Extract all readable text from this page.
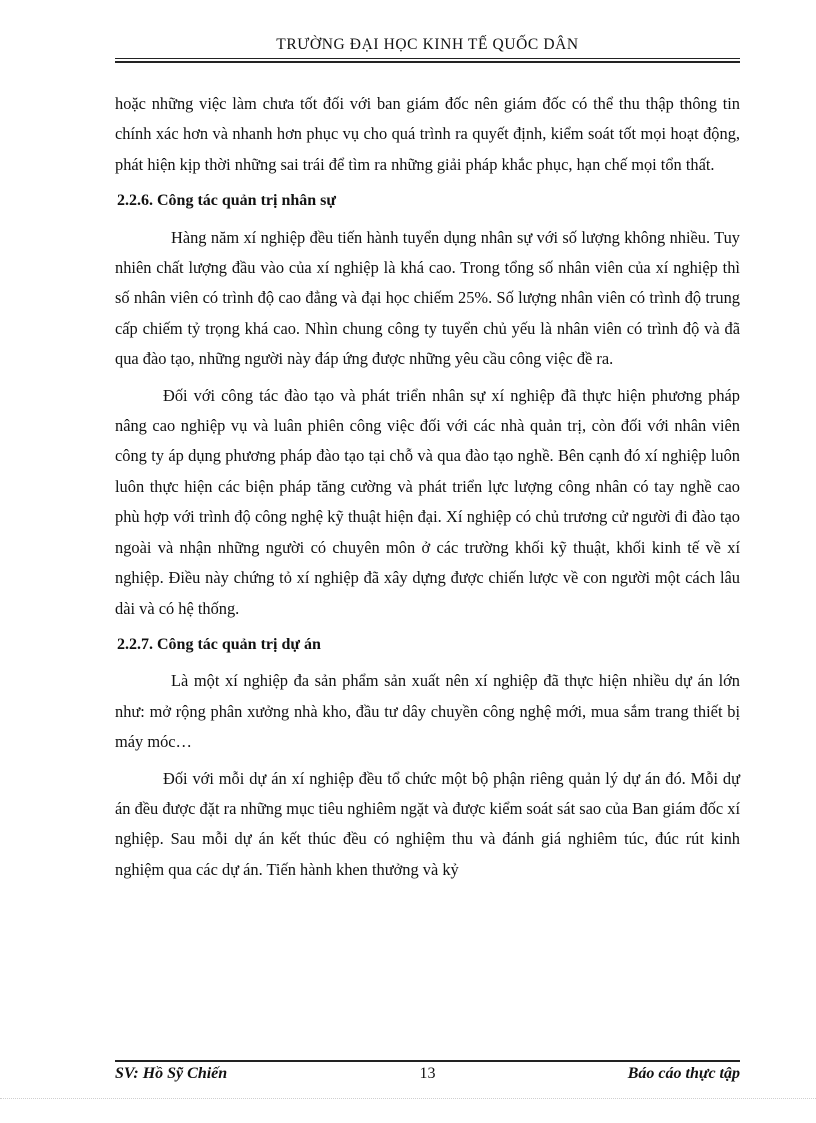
TRƯỜNG ĐẠI HỌC KINH TẾ QUỐC DÂN

hoặc những việc làm chưa tốt đối với ban giám đốc nên giám đốc có thể thu thập thông tin chính xác hơn và nhanh hơn phục vụ cho quá trình ra quyết định, kiểm soát tốt mọi hoạt động, phát hiện kịp thời những sai trái để tìm ra những giải pháp khắc phục, hạn chế mọi tổn thất.

2.2.6. Công tác quản trị nhân sự

Hàng năm xí nghiệp đều tiến hành tuyển dụng nhân sự với số lượng không nhiều. Tuy nhiên chất lượng đầu vào của xí nghiệp là khá cao. Trong tổng số nhân viên của xí nghiệp thì số nhân viên có trình độ cao đẳng và đại học chiếm 25%. Số lượng nhân viên có trình độ trung cấp chiếm tỷ trọng khá cao. Nhìn chung công ty tuyển chủ yếu là nhân viên có trình độ và đã qua đào tạo, những người này đáp ứng được những yêu cầu công việc đề ra.

Đối với công tác đào tạo và phát triển nhân sự xí nghiệp đã thực hiện phương pháp nâng cao nghiệp vụ và luân phiên công việc đối với các nhà quản trị, còn đối với nhân viên công ty áp dụng phương pháp đào tạo tại chỗ và qua đào tạo nghề. Bên cạnh đó xí nghiệp luôn luôn thực hiện các biện pháp tăng cường và phát triển lực lượng công nhân có tay nghề cao phù hợp với trình độ công nghệ kỹ thuật hiện đại. Xí nghiệp có chủ trương cử người đi đào tạo ngoài và nhận những người có chuyên môn ở các trường khối kỹ thuật, khối kinh tế về xí nghiệp. Điều này chứng tỏ xí nghiệp đã xây dựng được chiến lược về con người một cách lâu dài và có hệ thống.

2.2.7. Công tác quản trị dự án

Là một xí nghiệp đa sản phẩm sản xuất nên xí nghiệp đã thực hiện nhiều dự án lớn như: mở rộng phân xưởng nhà kho, đầu tư dây chuyền công nghệ mới, mua sắm trang thiết bị máy móc…

Đối với mỗi dự án xí nghiệp đều tổ chức một bộ phận riêng quản lý dự án đó. Mỗi dự án đều được đặt ra những mục tiêu nghiêm ngặt và được kiểm soát sát sao của Ban giám đốc xí nghiệp. Sau mỗi dự án kết thúc đều có nghiệm thu và đánh giá nghiêm túc, đúc rút kinh nghiệm qua các dự án. Tiến hành khen thưởng và kỷ

SV: Hồ Sỹ Chiến	13	Báo cáo thực tập
